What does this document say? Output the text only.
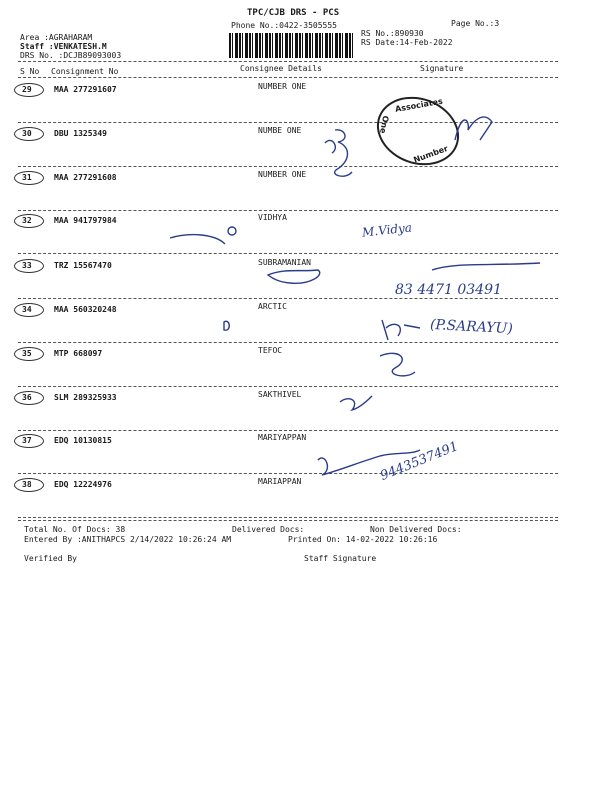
TPC/CJB DRS - PCS
Phone No.:0422-3505555	Page No.:3
RS No.:890930
RS Date:14-Feb-2022
Area :AGRAHARAM
Staff :VENKATESH.M
DRS No. :DCJB89093003
S No Consignment No	Consignee Details	Signature
29	MAA 277291607	NUMBER ONE
30	DBU 1325349	NUMBE ONE
31	MAA 277291608	NUMBER ONE
32	MAA 941797984	VIDHYA
33	TRZ 15567470	SUBRAMANIAN
34	MAA 560320248	ARCTIC
35	MTP 668097	TEFOC
36	SLM 289325933	SAKTHIVEL
37	EDQ 10130815	MARIYAPPAN
38	EDQ 12224976	MARIAPPAN
Associates
Number
One
M.Vidya
83 4471 03491
(P.SARAYU)
9443537491
Total No. Of Docs: 38	Delivered Docs:	Non Delivered Docs:
Entered By :ANITHAPCS 2/14/2022 10:26:24 AM	Printed On: 14-02-2022 10:26:16
Verified By	Staff Signature
